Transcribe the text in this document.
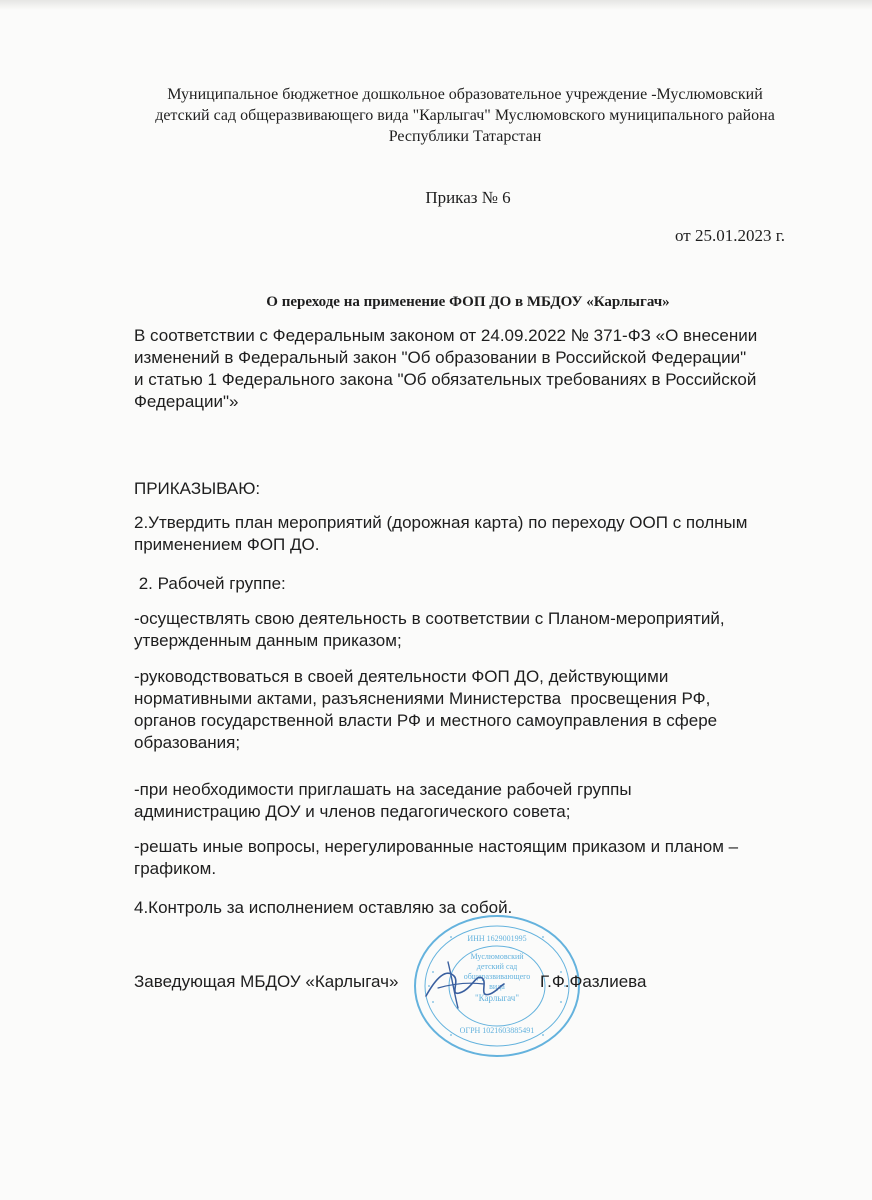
Муниципальное бюджетное дошкольное образовательное учреждение -Муслюмовский
детский сад общеразвивающего вида "Карлыгач" Муслюмовского муниципального района
Республики Татарстан
Приказ № 6
от 25.01.2023 г.
О переходе на применение ФОП ДО в МБДОУ «Карлыгач»
В соответствии с Федеральным законом от 24.09.2022 № 371-ФЗ «О внесении
изменений в Федеральный закон "Об образовании в Российской Федерации"
и статью 1 Федерального закона "Об обязательных требованиях в Российской
Федерации"»
ПРИКАЗЫВАЮ:
2.Утвердить план мероприятий (дорожная карта) по переходу ООП с полным
применением ФОП ДО.
2. Рабочей группе:
-осуществлять свою деятельность в соответствии с Планом-мероприятий,
утвержденным данным приказом;
-руководствоваться в своей деятельности ФОП ДО, действующими
нормативными актами, разъяснениями Министерства  просвещения РФ,
органов государственной власти РФ и местного самоуправления в сфере
образования;
-при необходимости приглашать на заседание рабочей группы
администрацию ДОУ и членов педагогического совета;
-решать иные вопросы, нерегулированные настоящим приказом и планом –
графиком.
4.Контроль за исполнением оставляю за собой.
ИНН 1629001995
Муслюмовский
детский сад
общеразвивающего
вида
"Карлыгач"
ОГРН 1021603885491
Заведующая МБДОУ «Карлыгач»	Г.Ф.Фазлиева
